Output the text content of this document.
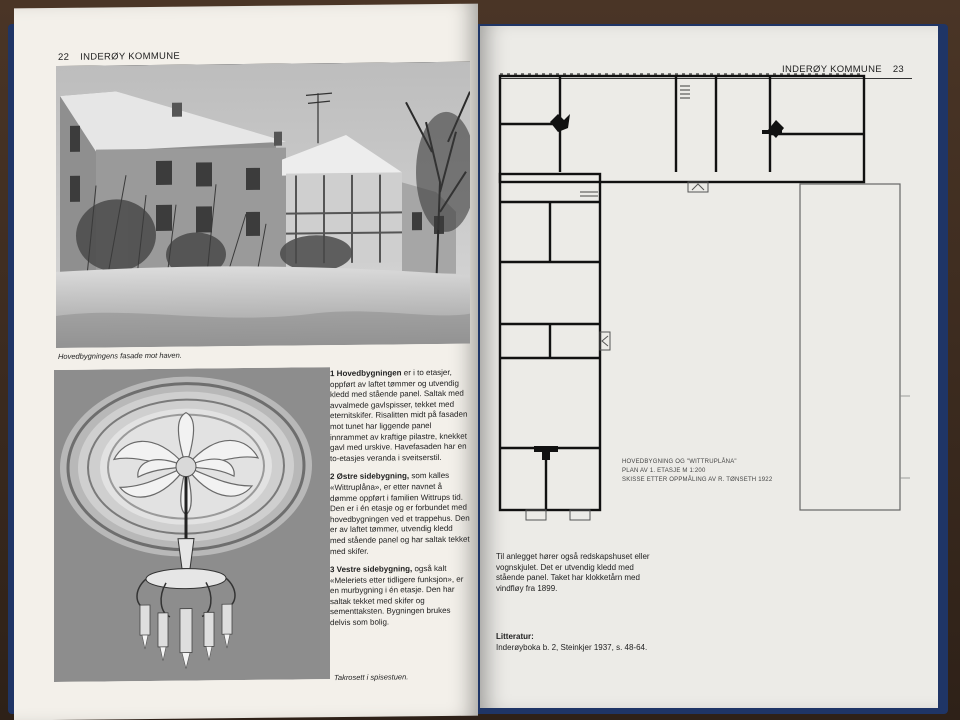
22 INDERØY KOMMUNE
Hovedbygningens fasade mot haven.
Takrosett i spisestuen.

1 Hovedbygningen er i to etasjer, oppført av laftet tømmer og utvendig kledd med stående panel. Saltak med avvalmede gavlspisser, tekket med eternitskifer. Risalitten midt på fasaden mot tunet har liggende panel innrammet av kraftige pilastre, knekket gavl med urskive. Havefasaden har en to-etasjes veranda i sveitserstil.

2 Østre sidebygning, som kalles «Wittruplåna», er etter navnet å dømme oppført i familien Wittrups tid. Den er i én etasje og er forbundet med hovedbygningen ved et trappehus. Den er av laftet tømmer, utvendig kledd med stående panel og har saltak tekket med skifer.

3 Vestre sidebygning, også kalt «Meleriets etter tidligere funksjon», er en murbygning i én etasje. Den har saltak tekket med skifer og sementtaksten. Bygningen brukes delvis som bolig.

INDERØY KOMMUNE 23
HOVEDBYGNING OG "WITTRUPLÅNA"
PLAN AV 1. ETASJE M 1:200
SKISSE ETTER OPPMÅLING AV R. TØNSETH 1922
Til anlegget hører også redskapshuset eller vognskjulet. Det er utvendig kledd med stående panel. Taket har klokketårn med vindfløy fra 1899.
Litteratur:
Inderøyboka b. 2, Steinkjer 1937, s. 48-64.
